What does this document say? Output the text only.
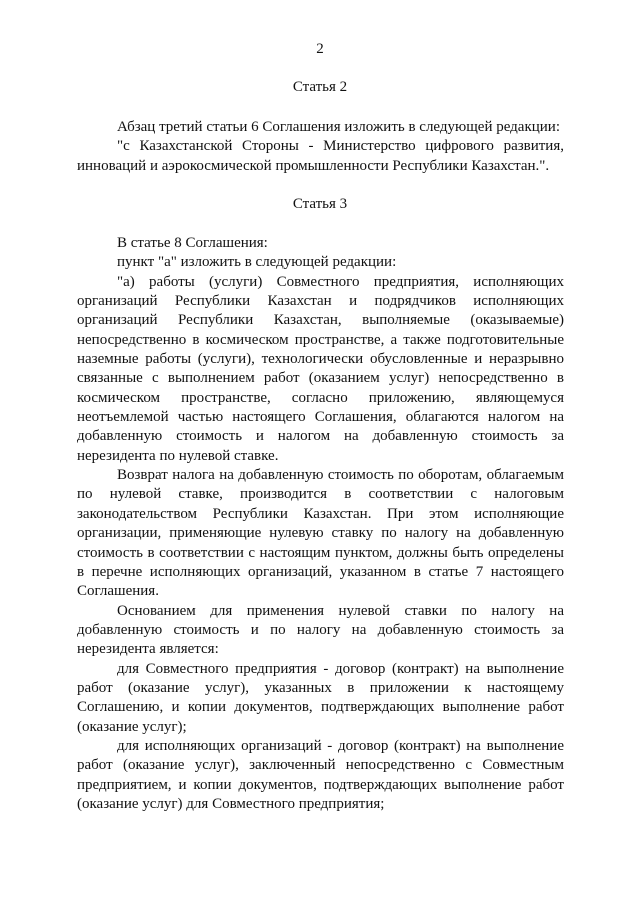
2
Статья 2

Абзац третий статьи 6 Соглашения изложить в следующей редакции:

"с Казахстанской Стороны - Министерство цифрового развития, инноваций и аэрокосмической промышленности Республики Казахстан.".

Статья 3

В статье 8 Соглашения:

пункт "а" изложить в следующей редакции:

"а) работы (услуги) Совместного предприятия, исполняющих организаций Республики Казахстан и подрядчиков исполняющих организаций Республики Казахстан, выполняемые (оказываемые) непосредственно в космическом пространстве, а также подготовительные наземные работы (услуги), технологически обусловленные и неразрывно связанные с выполнением работ (оказанием услуг) непосредственно в космическом пространстве, согласно приложению, являющемуся неотъемлемой частью настоящего Соглашения, облагаются налогом на добавленную стоимость и налогом на добавленную стоимость за нерезидента по нулевой ставке.

Возврат налога на добавленную стоимость по оборотам, облагаемым по нулевой ставке, производится в соответствии с налоговым законодательством Республики Казахстан. При этом исполняющие организации, применяющие нулевую ставку по налогу на добавленную стоимость в соответствии с настоящим пунктом, должны быть определены в перечне исполняющих организаций, указанном в статье 7 настоящего Соглашения.

Основанием для применения нулевой ставки по налогу на добавленную стоимость и по налогу на добавленную стоимость за нерезидента является:

для Совместного предприятия - договор (контракт) на выполнение работ (оказание услуг), указанных в приложении к настоящему Соглашению, и копии документов, подтверждающих выполнение работ (оказание услуг);

для исполняющих организаций - договор (контракт) на выполнение работ (оказание услуг), заключенный непосредственно с Совместным предприятием, и копии документов, подтверждающих выполнение работ (оказание услуг) для Совместного предприятия;
